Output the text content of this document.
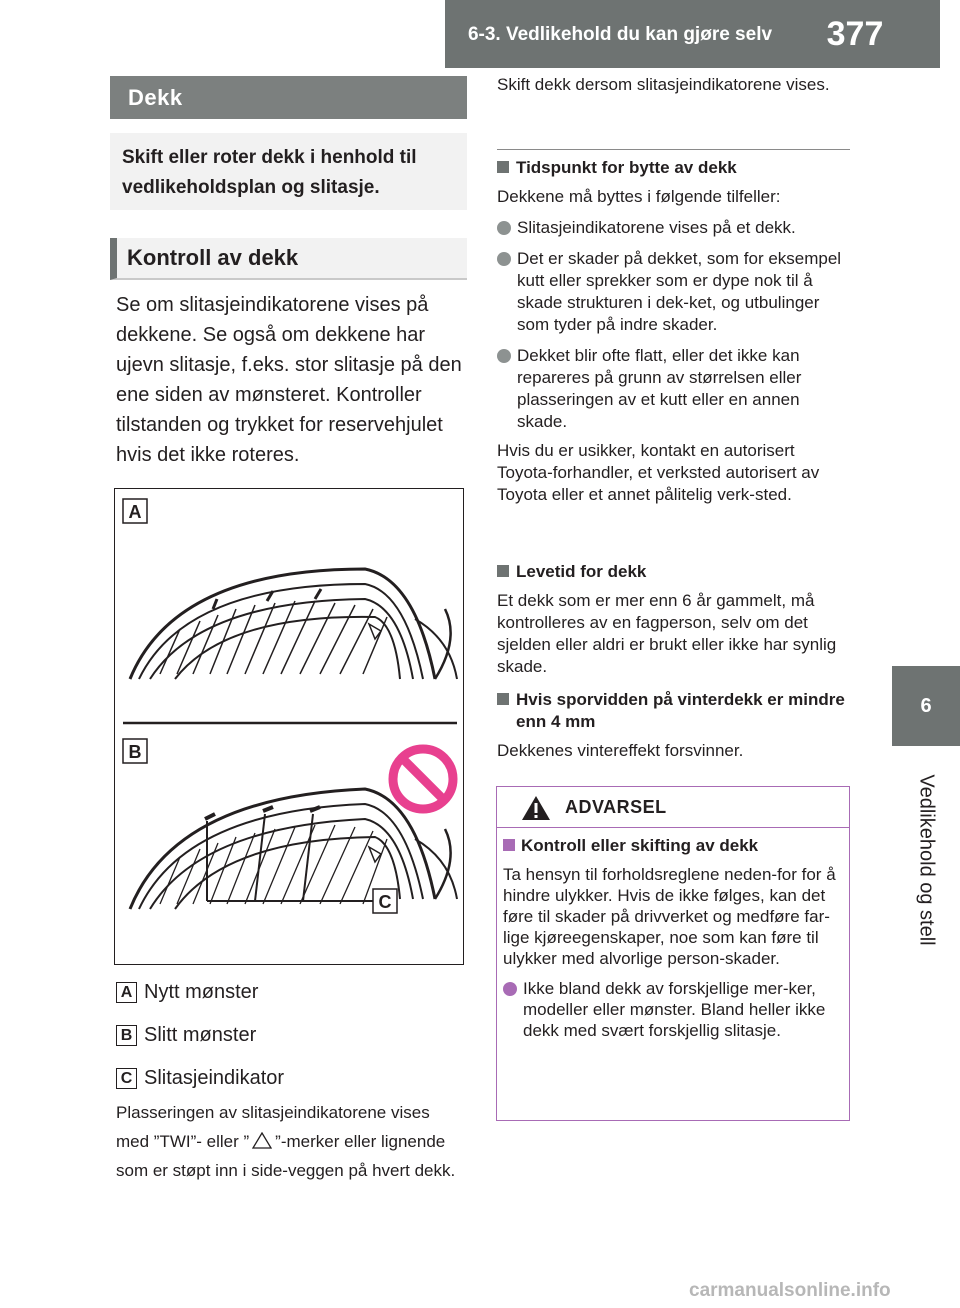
6-3. Vedlikehold du kan gjøre selv	377
6
Vedlikehold og stell
Dekk
Skift eller roter dekk i henhold til vedlikeholdsplan og slitasje.
Kontroll av dekk
Se om slitasjeindikatorene vises på dekkene. Se også om dekkene har ujevn slitasje, f.eks. stor slitasje på den ene siden av mønsteret. Kontroller tilstanden og trykket for reservehjulet hvis det ikke roteres.
A
B
C
A Nytt mønster
B Slitt mønster
C Slitasjeindikator
Plasseringen av slitasjeindikatorene vises med ”TWI”- eller ” ”-merker eller lignende som er støpt inn i side-veggen på hvert dekk.
Skift dekk dersom slitasjeindikatorene vises.
Tidspunkt for bytte av dekk
Dekkene må byttes i følgende tilfeller:
Slitasjeindikatorene vises på et dekk.
Det er skader på dekket, som for eksempel kutt eller sprekker som er dype nok til å skade strukturen i dek-ket, og utbulinger som tyder på indre skader.
Dekket blir ofte flatt, eller det ikke kan repareres på grunn av størrelsen eller plasseringen av et kutt eller en annen skade.
Hvis du er usikker, kontakt en autorisert Toyota-forhandler, et verksted autorisert av Toyota eller et annet pålitelig verk-sted.
Levetid for dekk
Et dekk som er mer enn 6 år gammelt, må kontrolleres av en fagperson, selv om det sjelden eller aldri er brukt eller ikke har synlig skade.
Hvis sporvidden på vinterdekk er mindre enn 4 mm
Dekkenes vintereffekt forsvinner.
ADVARSEL
Kontroll eller skifting av dekk
Ta hensyn til forholdsreglene neden-for for å hindre ulykker. Hvis de ikke følges, kan det føre til skader på drivverket og medføre far-lige kjøreegenskaper, noe som kan føre til ulykker med alvorlige person-skader.
Ikke bland dekk av forskjellige mer-ker, modeller eller mønster. Bland heller ikke dekk med svært forskjellig slitasje.
carmanualsonline.info
